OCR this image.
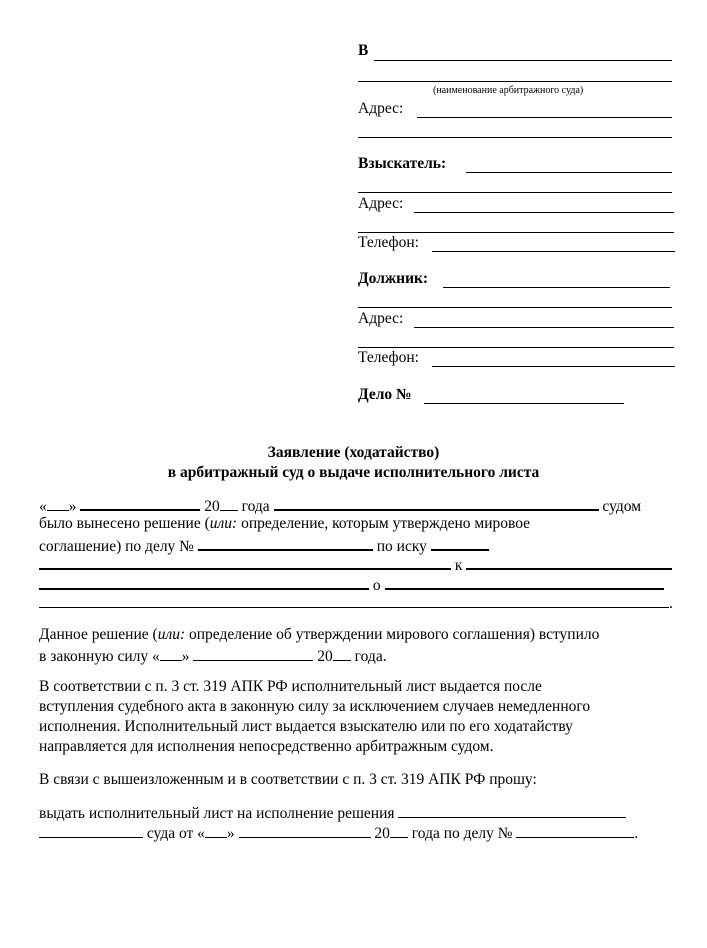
В
(наименование арбитражного суда)
Адрес:
Взыскатель:
Адрес:
Телефон:
Должник:
Адрес:
Телефон:
Дело №
Заявление (ходатайство)
в арбитражный суд о выдаче исполнительного листа
« »	20 года	судом
было вынесено решение (или: определение, которым утверждено мировое
соглашение) по делу №	по иску
к
о
.
Данное решение (или: определение об утверждении мирового соглашения) вступило
в законную силу « »	20 года.
В соответствии с п. 3 ст. 319 АПК РФ исполнительный лист выдается после
вступления судебного акта в законную силу за исключением случаев немедленного
исполнения. Исполнительный лист выдается взыскателю или по его ходатайству
направляется для исполнения непосредственно арбитражным судом.
В связи с вышеизложенным и в соответствии с п. 3 ст. 319 АПК РФ прошу:
выдать исполнительный лист на исполнение решения
суда от « »	20 года по делу №	.
